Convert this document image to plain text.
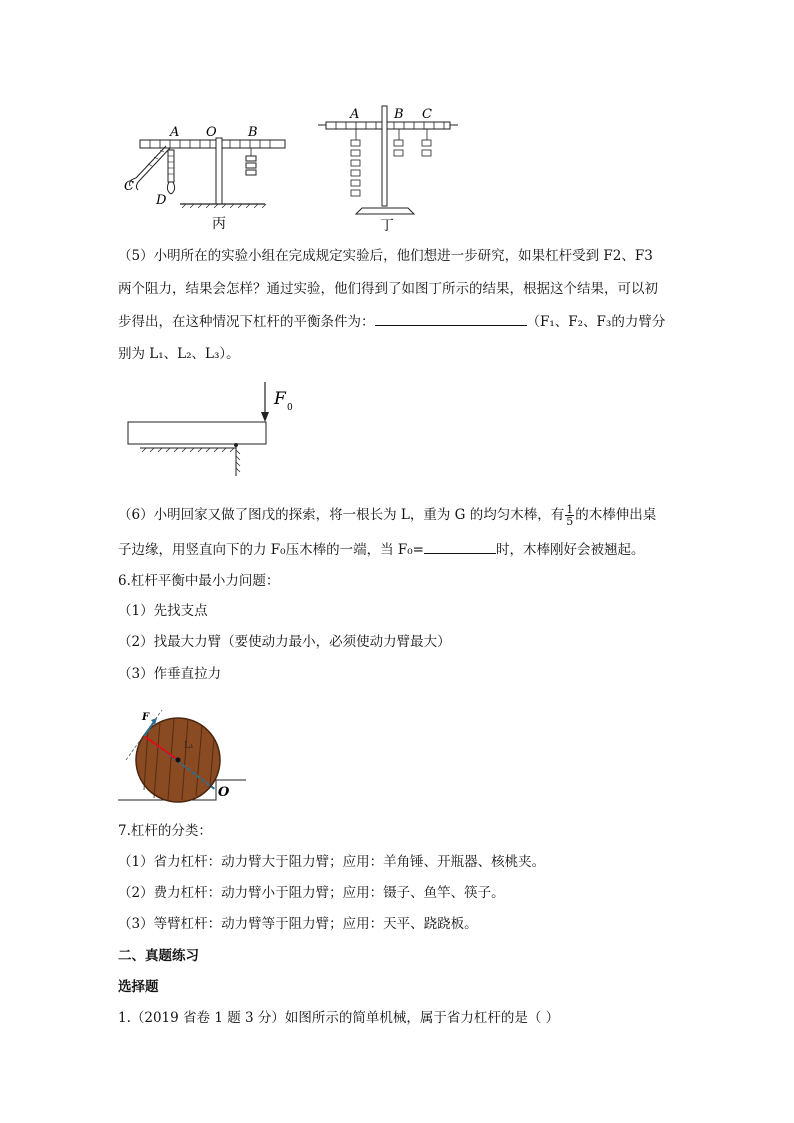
A O B
C
D
丙
A	B C
丁
（5）小明所在的实验小组在完成规定实验后，他们想进一步研究，如果杠杆受到 F2、F3
两个阻力，结果会怎样？通过实验，他们得到了如图丁所示的结果，根据这个结果，可以初
步得出，在这种情况下杠杆的平衡条件为：	（F₁、F₂、F₃的力臂分
别为 L₁、L₂、L₃）。
F 0
（6）小明回家又做了图戊的探索，将一根长为 L，重为 G 的均匀木棒，有 $\frac{1}{5}$ 的木棒伸出桌
子边缘，用竖直向下的力 F₀压木棒的一端，当 F₀=	时，木棒刚好会被翘起。
6.杠杆平衡中最小力问题：
（1）先找支点
（2）找最大力臂（要使动力最小，必须使动力臂最大）
（3）作垂直拉力
F
L₁
O
7.杠杆的分类：
（1）省力杠杆：动力臂大于阻力臂；应用：羊角锤、开瓶器、核桃夹。
（2）费力杠杆：动力臂小于阻力臂；应用：镊子、鱼竿、筷子。
（3）等臂杠杆：动力臂等于阻力臂；应用：天平、跷跷板。
二、真题练习
选择题
1.（2019 省卷 1 题 3 分）如图所示的简单机械，属于省力杠杆的是（ ）
